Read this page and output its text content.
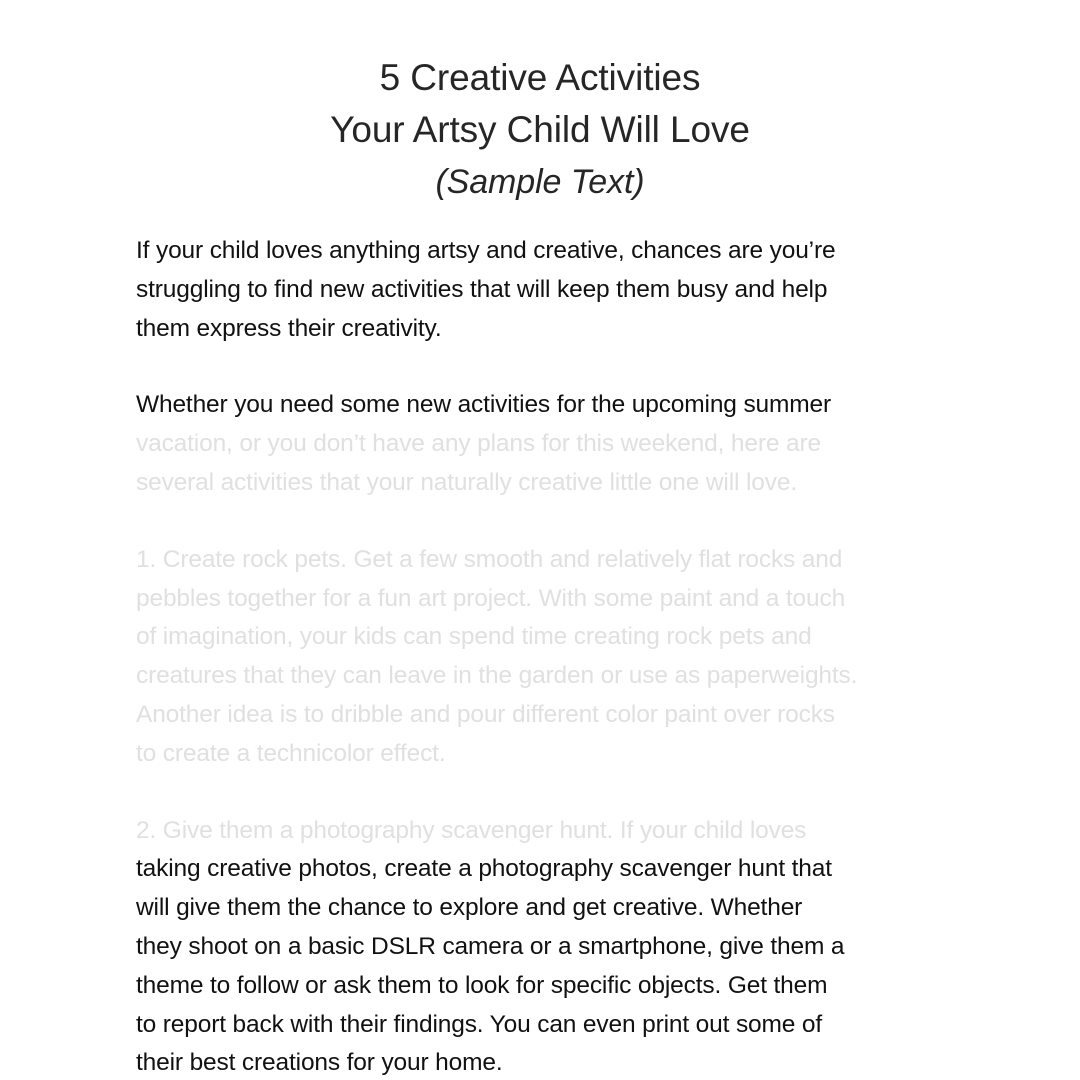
5 Creative Activities
Your Artsy Child Will Love
(Sample Text)
If your child loves anything artsy and creative, chances are you’re
struggling to find new activities that will keep them busy and help
them express their creativity.
Whether you need some new activities for the upcoming summer
vacation, or you don’t have any plans for this weekend, here are
several activities that your naturally creative little one will love.
1. Create rock pets. Get a few smooth and relatively flat rocks and
pebbles together for a fun art project. With some paint and a touch
of imagination, your kids can spend time creating rock pets and
creatures that they can leave in the garden or use as paperweights.
Another idea is to dribble and pour different color paint over rocks
to create a technicolor effect.
2. Give them a photography scavenger hunt. If your child loves
taking creative photos, create a photography scavenger hunt that
will give them the chance to explore and get creative. Whether
they shoot on a basic DSLR camera or a smartphone, give them a
theme to follow or ask them to look for specific objects. Get them
to report back with their findings. You can even print out some of
their best creations for your home.
